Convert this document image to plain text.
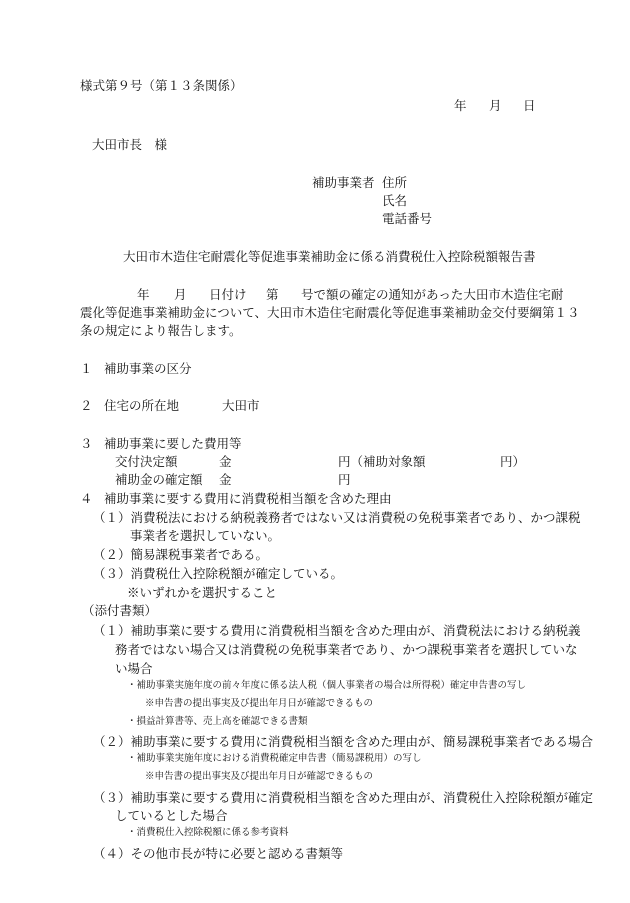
様式第９号（第１３条関係）
年 月 日
大田市長　様
補助事業者 住所
氏名
電話番号
大田市木造住宅耐震化等促進事業補助金に係る消費税仕入控除税額報告書
年 月 日付け 第 号で額の確定の通知があった大田市木造住宅耐
震化等促進事業補助金について、大田市木造住宅耐震化等促進事業補助金交付要綱第１３
条の規定により報告します。
１ 補助事業の区分
２ 住宅の所在地	大田市
３ 補助事業に要した費用等
交付決定額	金	円（補助対象額	円）
補助金の確定額 金	円
４ 補助事業に要する費用に消費税相当額を含めた理由
（１）消費税法における納税義務者ではない又は消費税の免税事業者であり、かつ課税
事業者を選択していない。
（２）簡易課税事業者である。
（３）消費税仕入控除税額が確定している。
※いずれかを選択すること
（添付書類）
（１）補助事業に要する費用に消費税相当額を含めた理由が、消費税法における納税義
務者ではない場合又は消費税の免税事業者であり、かつ課税事業者を選択していな
い場合
・補助事業実施年度の前々年度に係る法人税（個人事業者の場合は所得税）確定申告書の写し
※申告書の提出事実及び提出年月日が確認できるもの
・損益計算書等、売上高を確認できる書類
（２）補助事業に要する費用に消費税相当額を含めた理由が、簡易課税事業者である場合
・補助事業実施年度における消費税確定申告書（簡易課税用）の写し
※申告書の提出事実及び提出年月日が確認できるもの
（３）補助事業に要する費用に消費税相当額を含めた理由が、消費税仕入控除税額が確定
しているとした場合
・消費税仕入控除税額に係る参考資料
（４）その他市長が特に必要と認める書類等
